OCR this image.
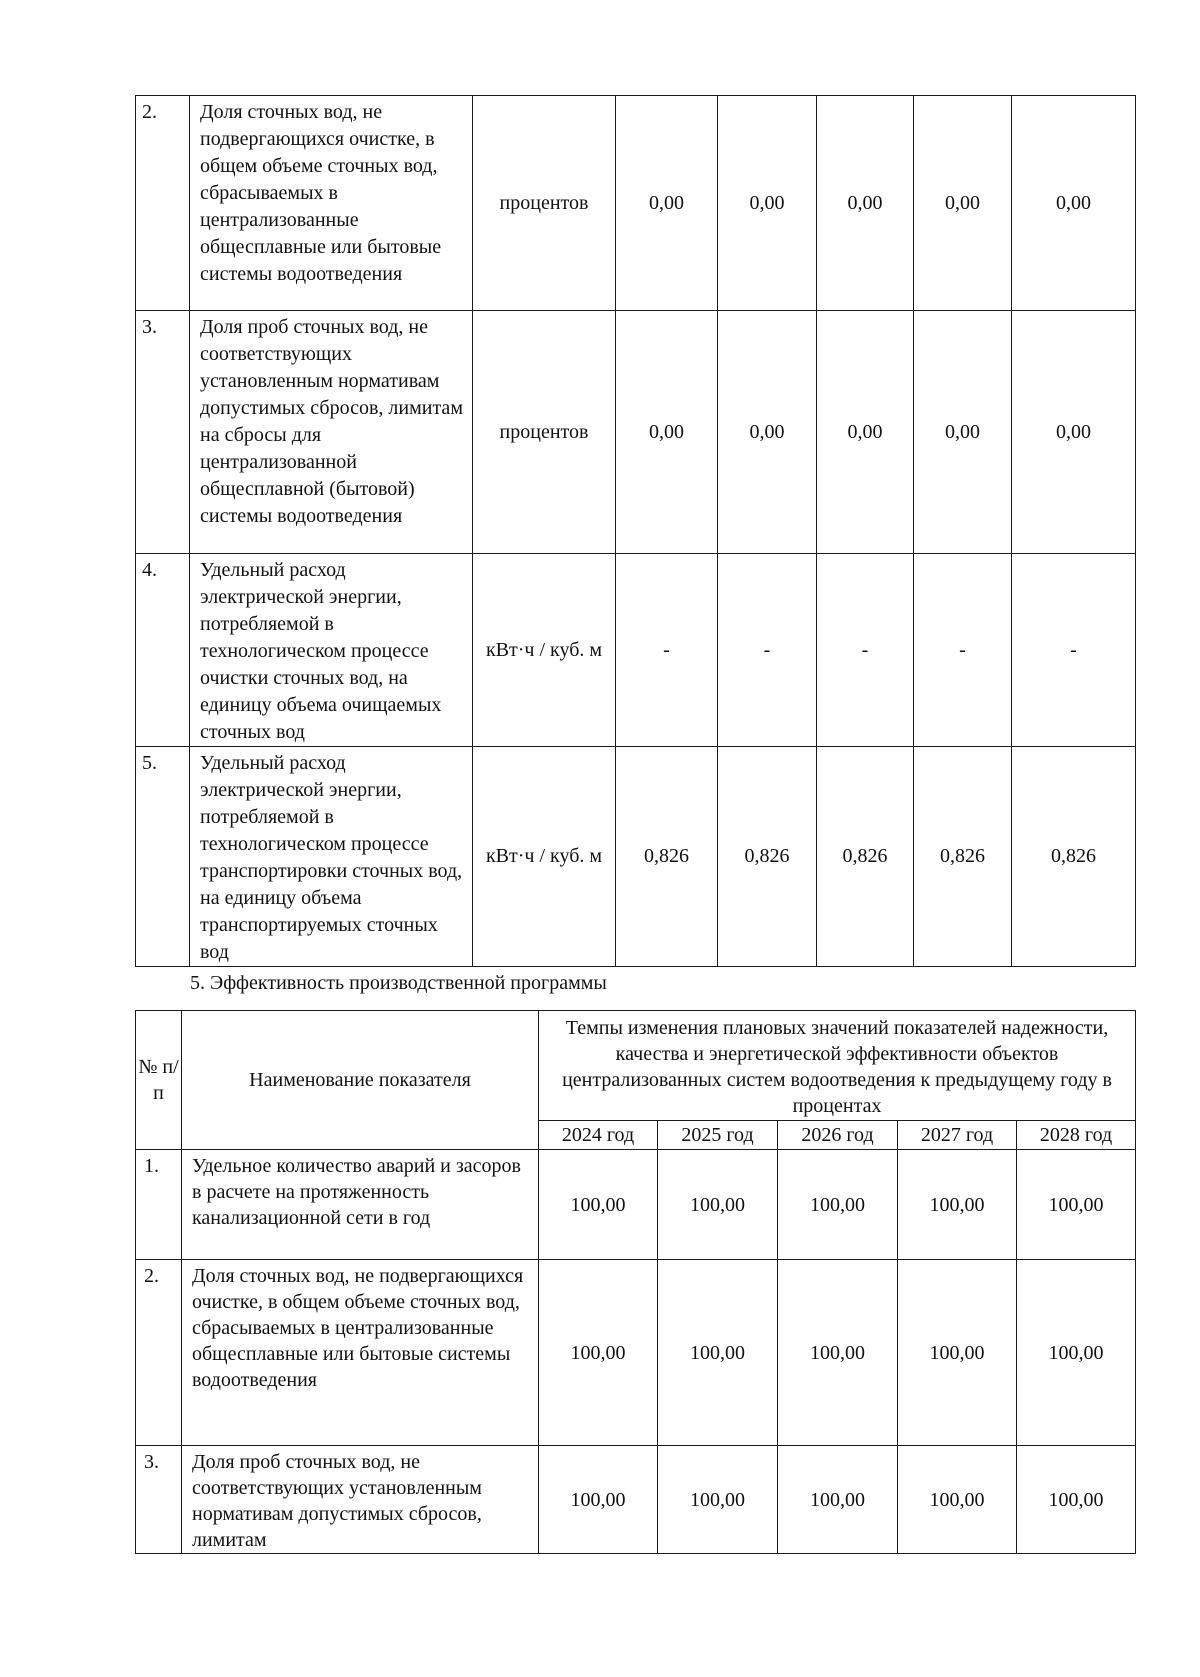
2.	Доля сточных вод, не подвергающихся очистке, в общем объеме сточных вод, сбрасываемых в централизованные общесплавные или бытовые системы водоотведения	процентов	0,00	0,00	0,00	0,00	0,00
3.	Доля проб сточных вод, не соответствующих установленным нормативам допустимых сбросов, лимитам на сбросы для централизованной общесплавной (бытовой) системы водоотведения	процентов	0,00	0,00	0,00	0,00	0,00
4.	Удельный расход электрической энергии, потребляемой в технологическом процессе очистки сточных вод, на единицу объема очищаемых сточных вод	кВт·ч / куб. м	-	-	-	-	-
5.	Удельный расход электрической энергии, потребляемой в технологическом процессе транспортировки сточных вод, на единицу объема транспортируемых сточных вод	кВт·ч / куб. м	0,826	0,826	0,826	0,826	0,826
5. Эффективность производственной программы
№ п/п	Наименование показателя	Темпы изменения плановых значений показателей надежности, качества и энергетической эффективности объектов централизованных систем водоотведения к предыдущему году в процентах				
		2024 год	2025 год	2026 год	2027 год	2028 год
1.	Удельное количество аварий и засоров в расчете на протяженность канализационной сети в год	100,00	100,00	100,00	100,00	100,00
2.	Доля сточных вод, не подвергающихся очистке, в общем объеме сточных вод, сбрасываемых в централизованные общесплавные или бытовые системы водоотведения	100,00	100,00	100,00	100,00	100,00
3.	Доля проб сточных вод, не соответствующих установленным нормативам допустимых сбросов, лимитам	100,00	100,00	100,00	100,00	100,00
